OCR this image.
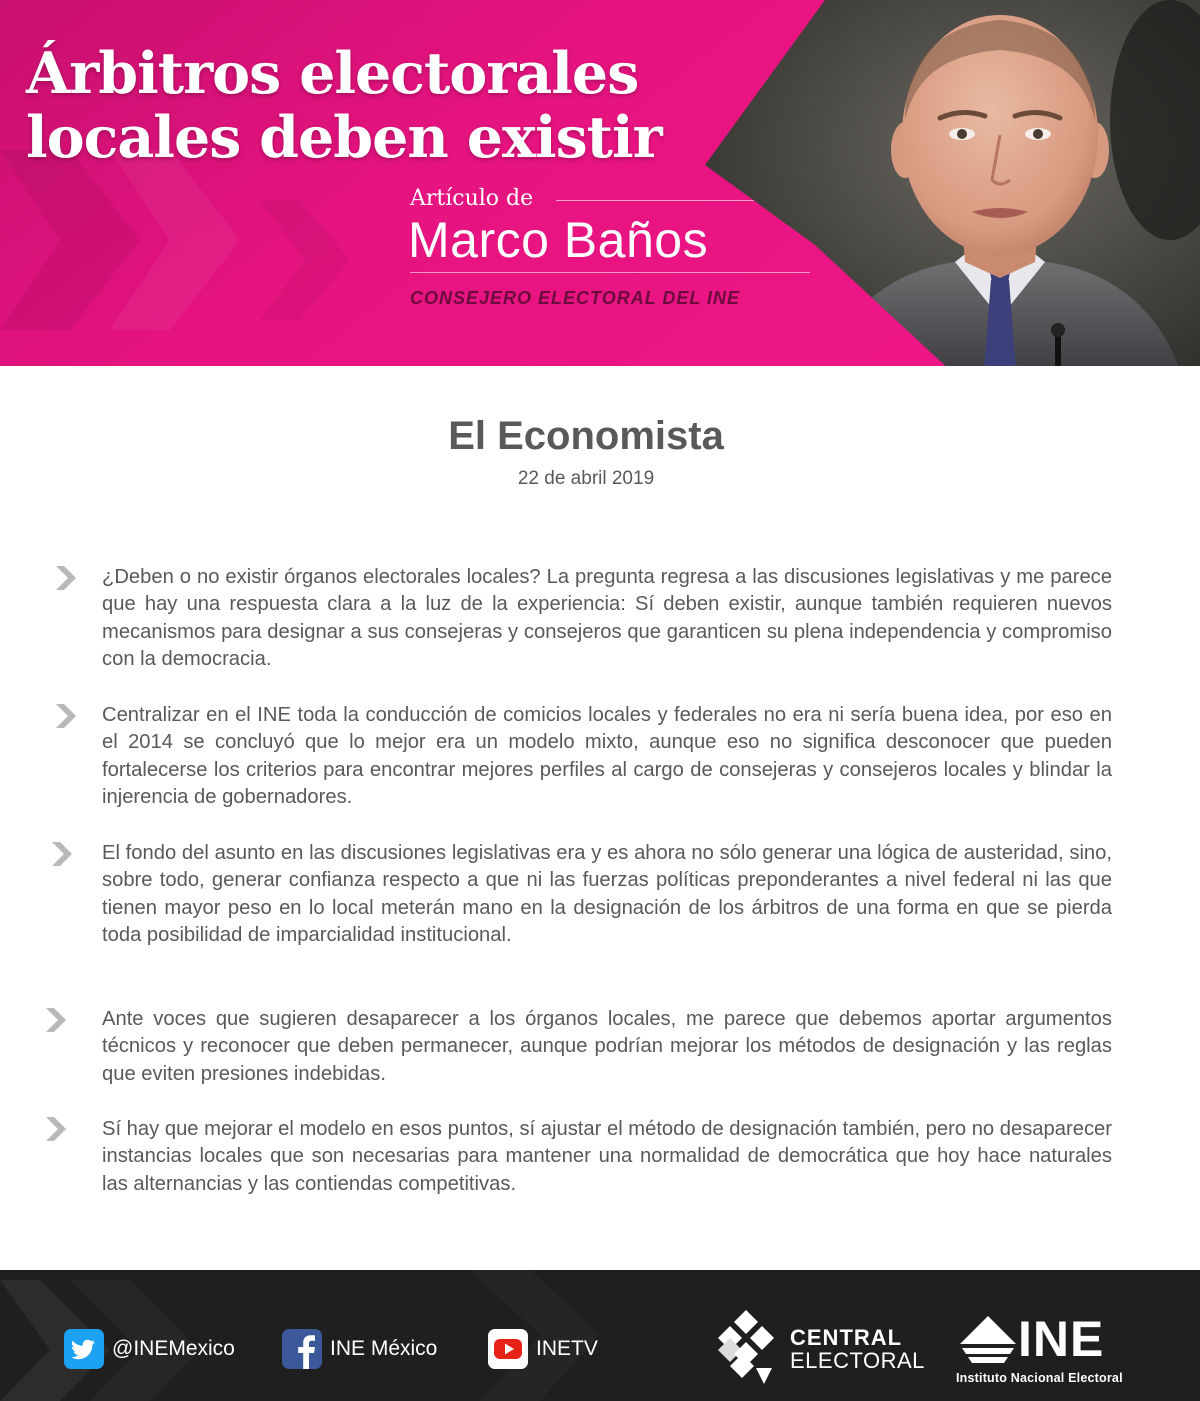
Árbitros electorales
locales deben existir
Artículo de
Marco Baños
CONSEJERO ELECTORAL DEL INE
El Economista
22 de abril 2019

¿Deben o no existir órganos electorales locales? La pregunta regresa a las discusiones legislativas y me parece que hay una respuesta clara a la luz de la experiencia: Sí deben existir, aunque también requieren nuevos mecanismos para designar a sus consejeras y consejeros que garanticen su plena independencia y compromiso con la democracia.

Centralizar en el INE toda la conducción de comicios locales y federales no era ni sería buena idea, por eso en el 2014 se concluyó que lo mejor era un modelo mixto, aunque eso no significa desconocer que pueden fortalecerse los criterios para encontrar mejores perfiles al cargo de consejeras y consejeros locales y blindar la injerencia de gobernadores.

El fondo del asunto en las discusiones legislativas era y es ahora no sólo generar una lógica de austeridad, sino, sobre todo, generar confianza respecto a que ni las fuerzas políticas preponderantes a nivel federal ni las que tienen mayor peso en lo local meterán mano en la designación de los árbitros de una forma en que se pierda toda posibilidad de imparcialidad institucional.

Ante voces que sugieren desaparecer a los órganos locales, me parece que debemos aportar argumentos técnicos y reconocer que deben permanecer, aunque podrían mejorar los métodos de designación y las reglas que eviten presiones indebidas.

Sí hay que mejorar el modelo en esos puntos, sí ajustar el método de designación también, pero no desaparecer instancias locales que son necesarias para mantener una normalidad de democrática que hoy hace naturales las alternancias y las contiendas competitivas.

@INEMexico	INE México	INETV	CENTRAL
ELECTORAL INE
Instituto Nacional Electoral
